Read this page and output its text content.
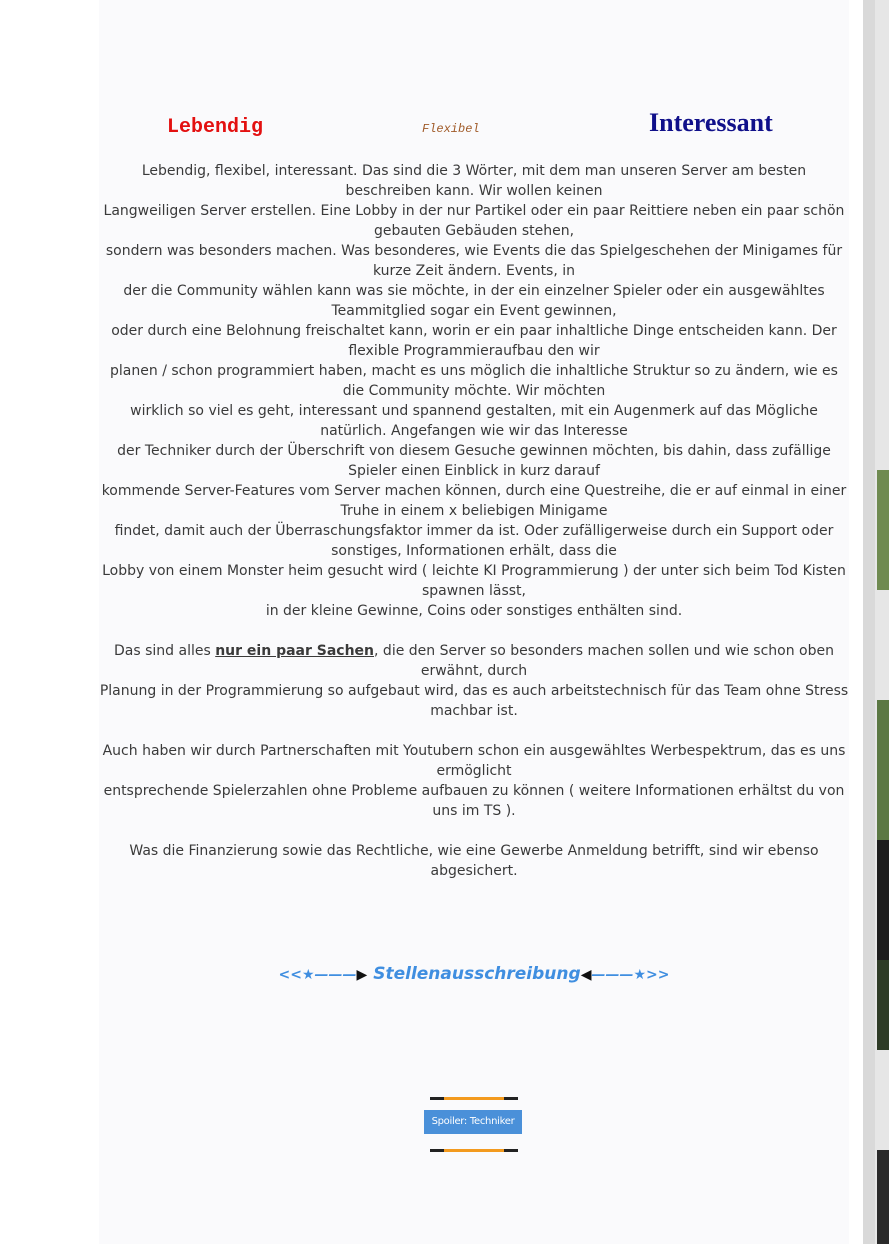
Lebendig	Flexibel	Interessant
Lebendig, flexibel, interessant. Das sind die 3 Wörter, mit dem man unseren Server am besten beschreiben kann. Wir wollen keinen
Langweiligen Server erstellen. Eine Lobby in der nur Partikel oder ein paar Reittiere neben ein paar schön gebauten Gebäuden stehen,
sondern was besonders machen. Was besonderes, wie Events die das Spielgeschehen der Minigames für kurze Zeit ändern. Events, in
der die Community wählen kann was sie möchte, in der ein einzelner Spieler oder ein ausgewähltes Teammitglied sogar ein Event gewinnen,
oder durch eine Belohnung freischaltet kann, worin er ein paar inhaltliche Dinge entscheiden kann. Der flexible Programmieraufbau den wir
planen / schon programmiert haben, macht es uns möglich die inhaltliche Struktur so zu ändern, wie es die Community möchte. Wir möchten
wirklich so viel es geht, interessant und spannend gestalten, mit ein Augenmerk auf das Mögliche natürlich. Angefangen wie wir das Interesse
der Techniker durch der Überschrift von diesem Gesuche gewinnen möchten, bis dahin, dass zufällige Spieler einen Einblick in kurz darauf
kommende Server-Features vom Server machen können, durch eine Questreihe, die er auf einmal in einer Truhe in einem x beliebigen Minigame
findet, damit auch der Überraschungsfaktor immer da ist. Oder zufälligerweise durch ein Support oder sonstiges, Informationen erhält, dass die
Lobby von einem Monster heim gesucht wird ( leichte KI Programmierung ) der unter sich beim Tod Kisten spawnen lässt,
in der kleine Gewinne, Coins oder sonstiges enthälten sind.
Das sind alles nur ein paar Sachen, die den Server so besonders machen sollen und wie schon oben erwähnt, durch
Planung in der Programmierung so aufgebaut wird, das es auch arbeitstechnisch für das Team ohne Stress machbar ist.
Auch haben wir durch Partnerschaften mit Youtubern schon ein ausgewähltes Werbespektrum, das es uns ermöglicht
entsprechende Spielerzahlen ohne Probleme aufbauen zu können ( weitere Informationen erhältst du von uns im TS ).
Was die Finanzierung sowie das Rechtliche, wie eine Gewerbe Anmeldung betrifft, sind wir ebenso abgesichert.
<<★———▶ Stellenausschreibung◀———★>>
Spoiler: Techniker
